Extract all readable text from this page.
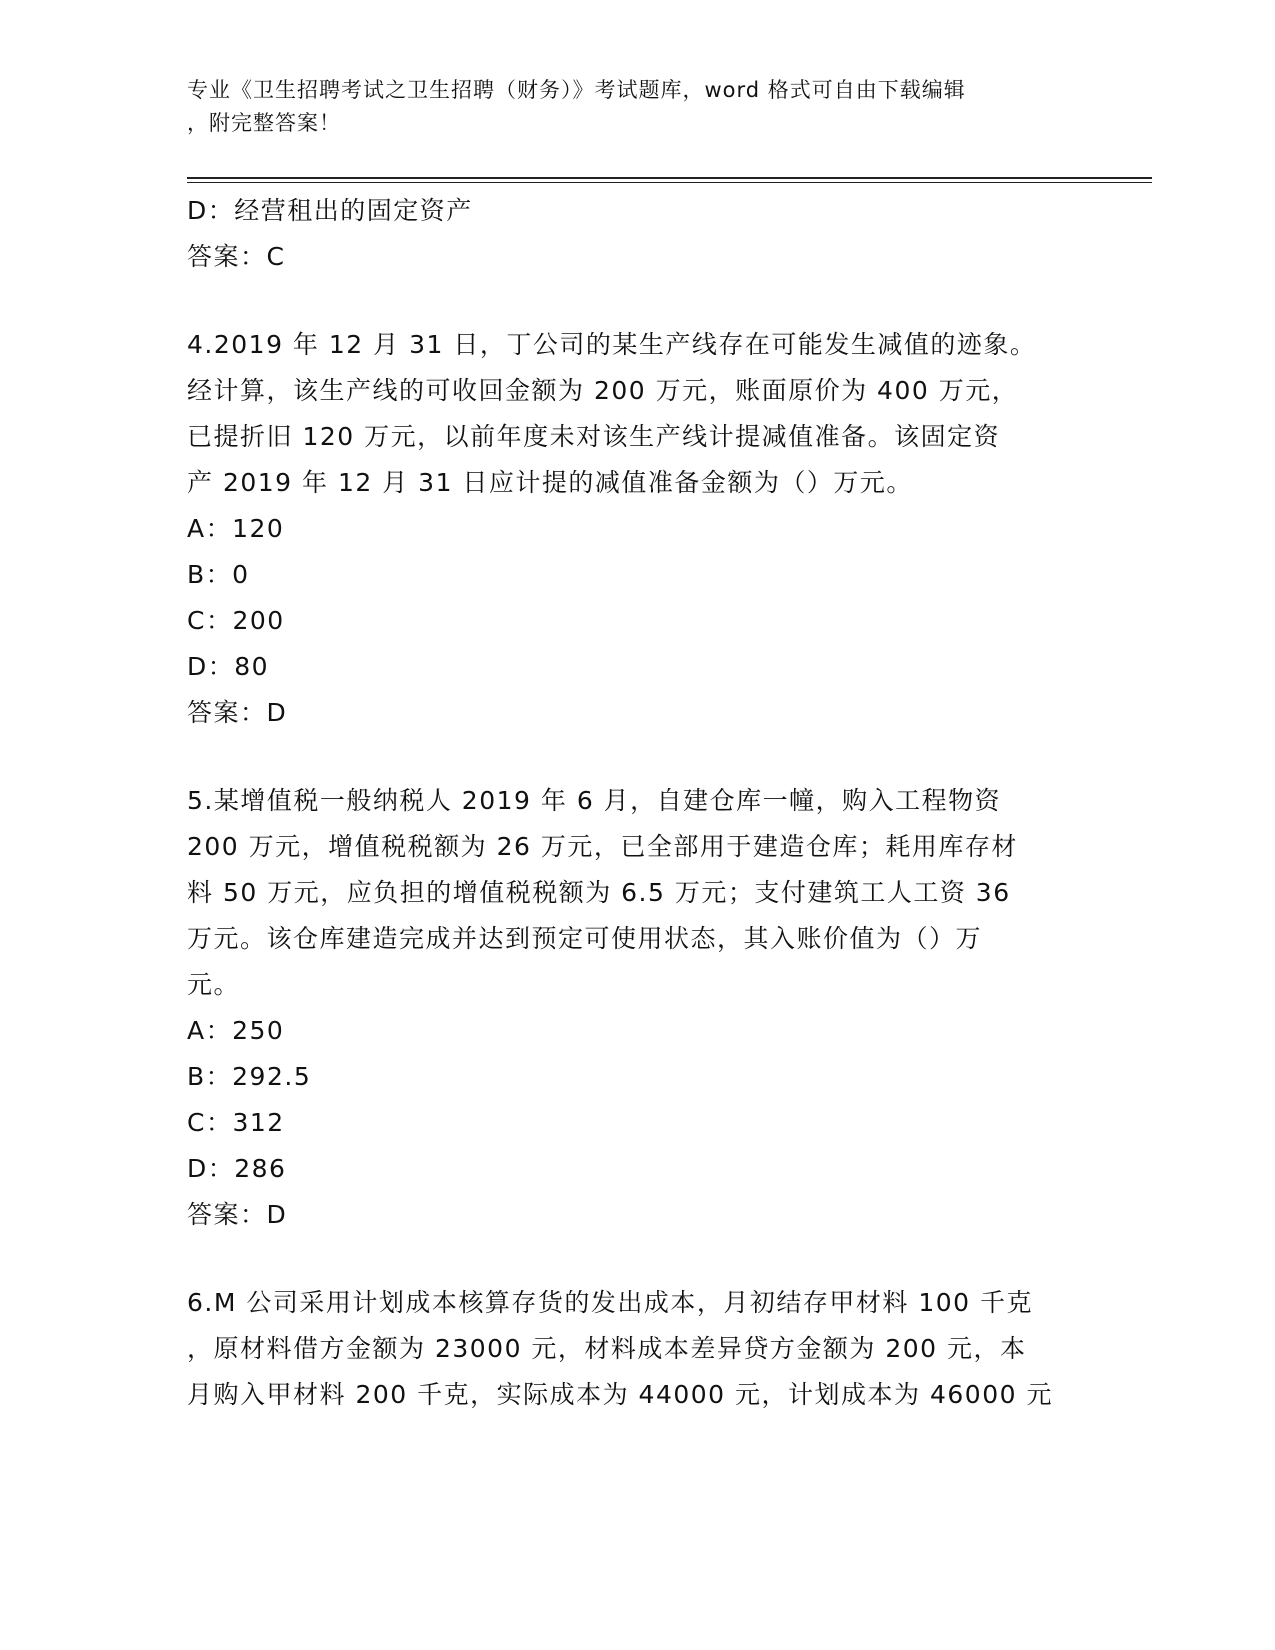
专业《卫生招聘考试之卫生招聘（财务）》考试题库，word 格式可自由下载编辑
，附完整答案！
D：经营租出的固定资产
答案：C
4.2019 年 12 月 31 日，丁公司的某生产线存在可能发生减值的迹象。
经计算，该生产线的可收回金额为 200 万元，账面原价为 400 万元，
已提折旧 120 万元，以前年度未对该生产线计提减值准备。该固定资
产 2019 年 12 月 31 日应计提的减值准备金额为（）万元。
A：120
B：0
C：200
D：80
答案：D
5.某增值税一般纳税人 2019 年 6 月，自建仓库一幢，购入工程物资
200 万元，增值税税额为 26 万元，已全部用于建造仓库；耗用库存材
料 50 万元，应负担的增值税税额为 6.5 万元；支付建筑工人工资 36
万元。该仓库建造完成并达到预定可使用状态，其入账价值为（）万
元。
A：250
B：292.5
C：312
D：286
答案：D
6.M 公司采用计划成本核算存货的发出成本，月初结存甲材料 100 千克
，原材料借方金额为 23000 元，材料成本差异贷方金额为 200 元，本
月购入甲材料 200 千克，实际成本为 44000 元，计划成本为 46000 元
